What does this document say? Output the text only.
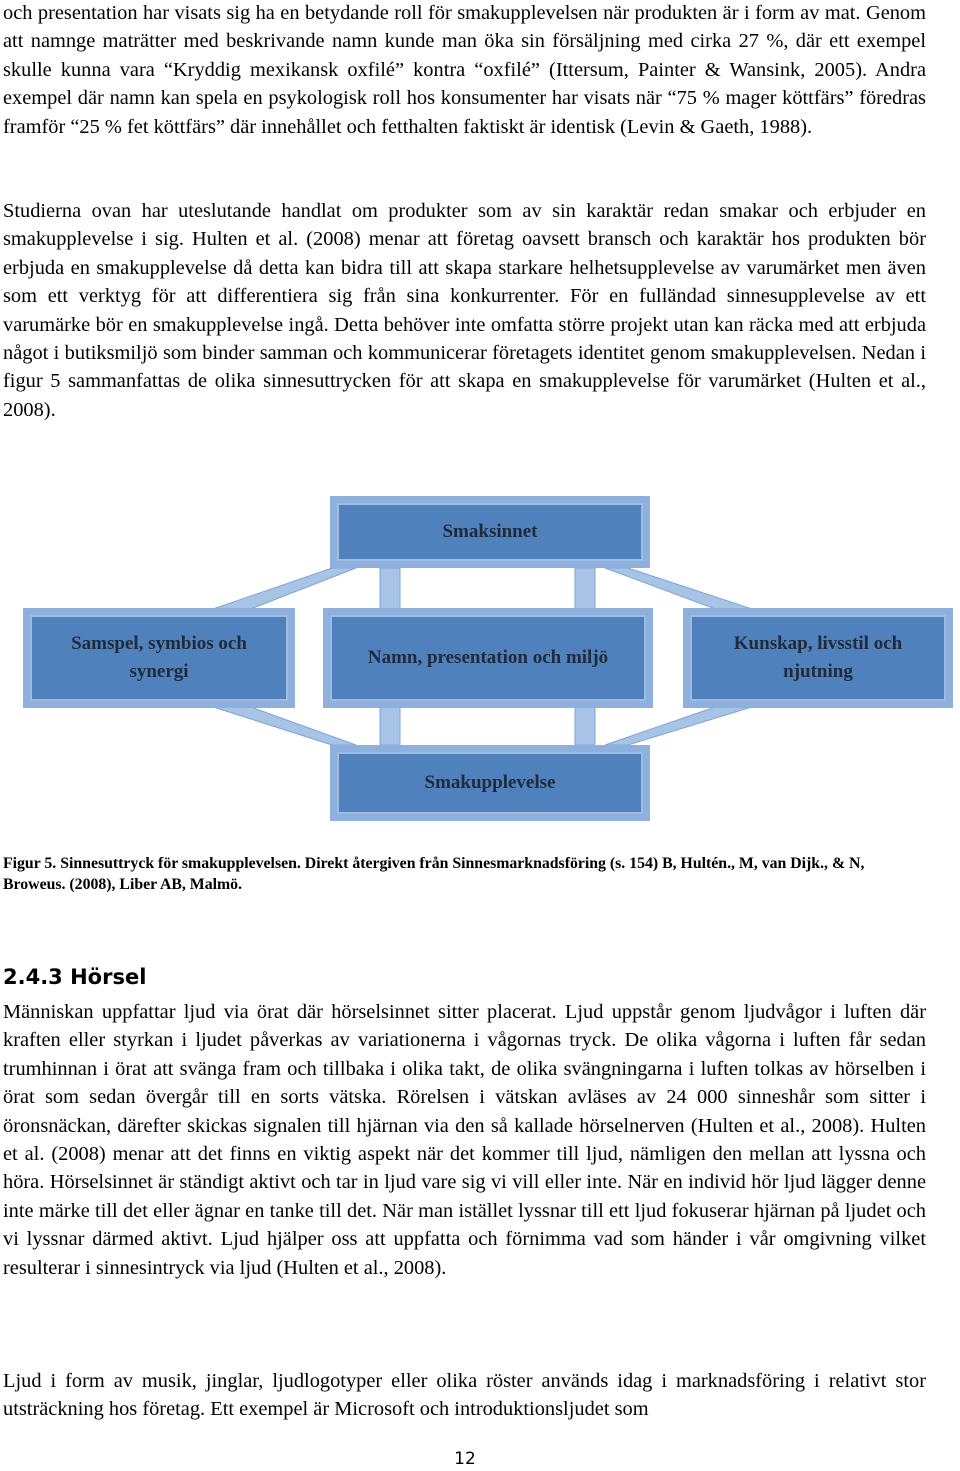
och presentation har visats sig ha en betydande roll för smakupplevelsen när produkten är i form av mat. Genom att namnge maträtter med beskrivande namn kunde man öka sin försäljning med cirka 27 %, där ett exempel skulle kunna vara “Kryddig mexikansk oxfilé” kontra “oxfilé” (Ittersum, Painter & Wansink, 2005). Andra exempel där namn kan spela en psykologisk roll hos konsumenter har visats när “75 % mager köttfärs” föredras framför “25 % fet köttfärs” där innehållet och fetthalten faktiskt är identisk (Levin & Gaeth, 1988).

Studierna ovan har uteslutande handlat om produkter som av sin karaktär redan smakar och erbjuder en smakupplevelse i sig. Hulten et al. (2008) menar att företag oavsett bransch och karaktär hos produkten bör erbjuda en smakupplevelse då detta kan bidra till att skapa starkare helhetsupplevelse av varumärket men även som ett verktyg för att differentiera sig från sina konkurrenter. För en fulländad sinnesupplevelse av ett varumärke bör en smakupplevelse ingå. Detta behöver inte omfatta större projekt utan kan räcka med att erbjuda något i butiksmiljö som binder samman och kommunicerar företagets identitet genom smakupplevelsen. Nedan i figur 5 sammanfattas de olika sinnesuttrycken för att skapa en smakupplevelse för varumärket (Hulten et al., 2008).

Smaksinnet
Samspel, symbios och synergi
Namn, presentation och miljö
Kunskap, livsstil och njutning
Smakupplevelse

Figur 5. Sinnesuttryck för smakupplevelsen. Direkt återgiven från Sinnesmarknadsföring (s. 154) B, Hultén., M, van Dijk., & N, Broweus. (2008), Liber AB, Malmö.

2.4.3 Hörsel

Människan uppfattar ljud via örat där hörselsinnet sitter placerat. Ljud uppstår genom ljudvågor i luften där kraften eller styrkan i ljudet påverkas av variationerna i vågornas tryck. De olika vågorna i luften får sedan trumhinnan i örat att svänga fram och tillbaka i olika takt, de olika svängningarna i luften tolkas av hörselben i örat som sedan övergår till en sorts vätska. Rörelsen i vätskan avläses av 24 000 sinneshår som sitter i öronsnäckan, därefter skickas signalen till hjärnan via den så kallade hörselnerven (Hulten et al., 2008). Hulten et al. (2008) menar att det finns en viktig aspekt när det kommer till ljud, nämligen den mellan att lyssna och höra. Hörselsinnet är ständigt aktivt och tar in ljud vare sig vi vill eller inte. När en individ hör ljud lägger denne inte märke till det eller ägnar en tanke till det. När man istället lyssnar till ett ljud fokuserar hjärnan på ljudet och vi lyssnar därmed aktivt. Ljud hjälper oss att uppfatta och förnimma vad som händer i vår omgivning vilket resulterar i sinnesintryck via ljud (Hulten et al., 2008).

Ljud i form av musik, jinglar, ljudlogotyper eller olika röster används idag i marknadsföring i relativt stor utsträckning hos företag. Ett exempel är Microsoft och introduktionsljudet som

12
